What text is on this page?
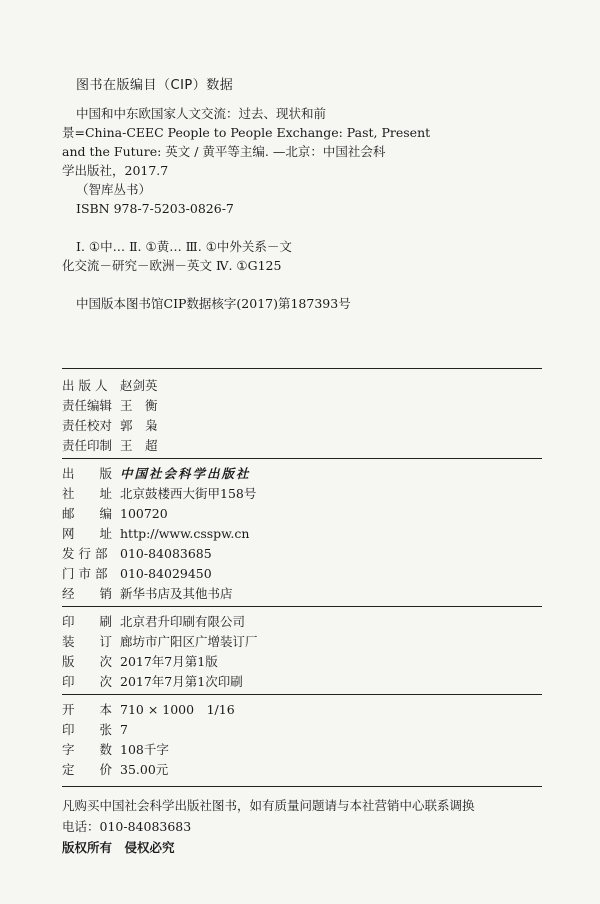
图书在版编目（CIP）数据
中国和中东欧国家人文交流：过去、现状和前
景=China-CEEC People to People Exchange: Past, Present
and the Future: 英文 / 黄平等主编. —北京：中国社会科
学出版社，2017.7
（智库丛书）
ISBN 978-7-5203-0826-7
Ⅰ. ①中… Ⅱ. ①黄… Ⅲ. ①中外关系－文
化交流－研究－欧洲－英文 Ⅳ. ①G125
中国版本图书馆CIP数据核字(2017)第187393号
出 版 人 赵剑英
责任编辑 王　衡
责任校对 郭　枭
责任印制 王　超
出　　版 中国社会科学出版社
社　　址 北京鼓楼西大街甲158号
邮　　编 100720
网　　址 http://www.csspw.cn
发 行 部 010-84083685
门 市 部 010-84029450
经　　销 新华书店及其他书店
印　　刷 北京君升印刷有限公司
装　　订 廊坊市广阳区广增装订厂
版　　次 2017年7月第1版
印　　次 2017年7月第1次印刷
开　　本 710 × 1000　1/16
印　　张 7
字　　数 108千字
定　　价 35.00元
凡购买中国社会科学出版社图书，如有质量问题请与本社营销中心联系调换
电话：010-84083683
版权所有　侵权必究
